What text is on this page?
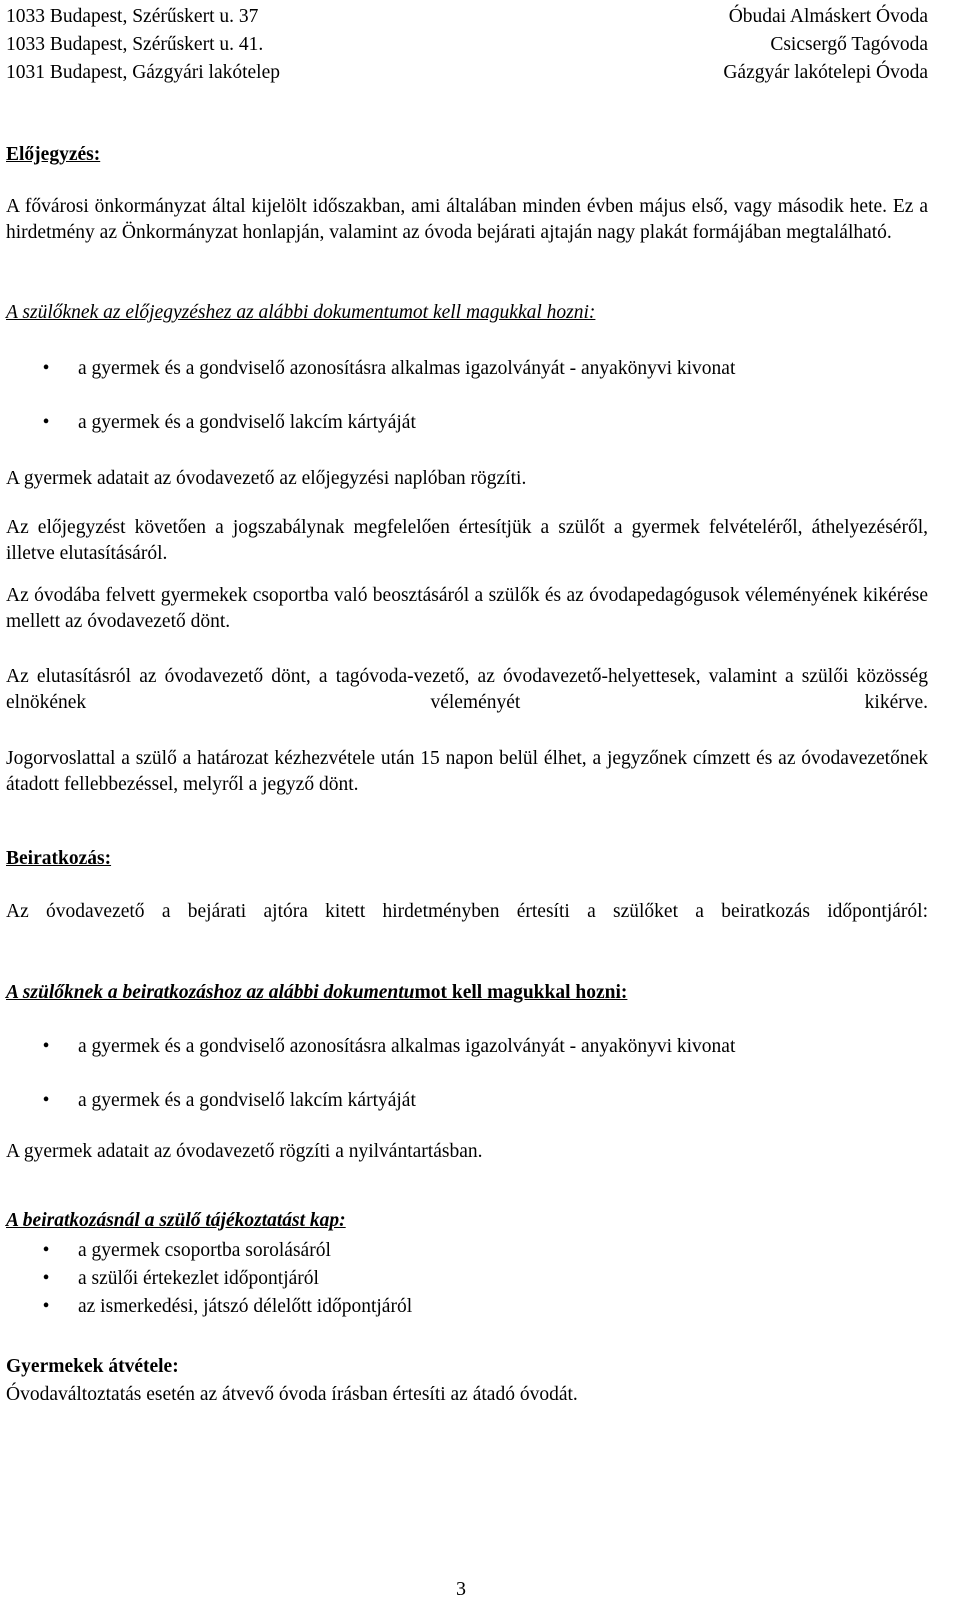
1033 Budapest, Szérűskert u. 37	Óbudai Almáskert Óvoda
1033 Budapest, Szérűskert u. 41.	Csicsergő Tagóvoda
1031 Budapest, Gázgyári lakótelep	Gázgyár lakótelepi Óvoda
Előjegyzés:
A fővárosi önkormányzat által kijelölt időszakban, ami általában minden évben május első, vagy második hete. Ez a hirdetmény az Önkormányzat honlapján, valamint az óvoda bejárati ajtaján nagy plakát formájában megtalálható.
A szülőknek az előjegyzéshez az alábbi dokumentumot kell magukkal hozni:
•	a gyermek és a gondviselő azonosításra alkalmas igazolványát - anyakönyvi kivonat
•	a gyermek és a gondviselő lakcím kártyáját
A gyermek adatait az óvodavezető az előjegyzési naplóban rögzíti.
Az előjegyzést követően a jogszabálynak megfelelően értesítjük a szülőt a gyermek felvételéről, áthelyezéséről, illetve elutasításáról.
Az óvodába felvett gyermekek csoportba való beosztásáról a szülők és az óvodapedagógusok véleményének kikérése mellett az óvodavezető dönt.
Az elutasításról az óvodavezető dönt, a tagóvoda-vezető, az óvodavezető-helyettesek, valamint a szülői közösség elnökének véleményét kikérve.
Jogorvoslattal a szülő a határozat kézhezvétele után 15 napon belül élhet, a jegyzőnek címzett és az óvodavezetőnek átadott fellebbezéssel, melyről a jegyző dönt.
Beiratkozás:
Az óvodavezető a bejárati ajtóra kitett hirdetményben értesíti a szülőket a beiratkozás időpontjáról:
A szülőknek a beiratkozáshoz az alábbi dokumentumot kell magukkal hozni:
•	a gyermek és a gondviselő azonosításra alkalmas igazolványát - anyakönyvi kivonat
•	a gyermek és a gondviselő lakcím kártyáját
A gyermek adatait az óvodavezető rögzíti a nyilvántartásban.
A beiratkozásnál a szülő tájékoztatást kap:
•	a gyermek csoportba sorolásáról
•	a szülői értekezlet időpontjáról
•	az ismerkedési, játszó délelőtt időpontjáról
Gyermekek átvétele:
Óvodaváltoztatás esetén az átvevő óvoda írásban értesíti az átadó óvodát.
3
